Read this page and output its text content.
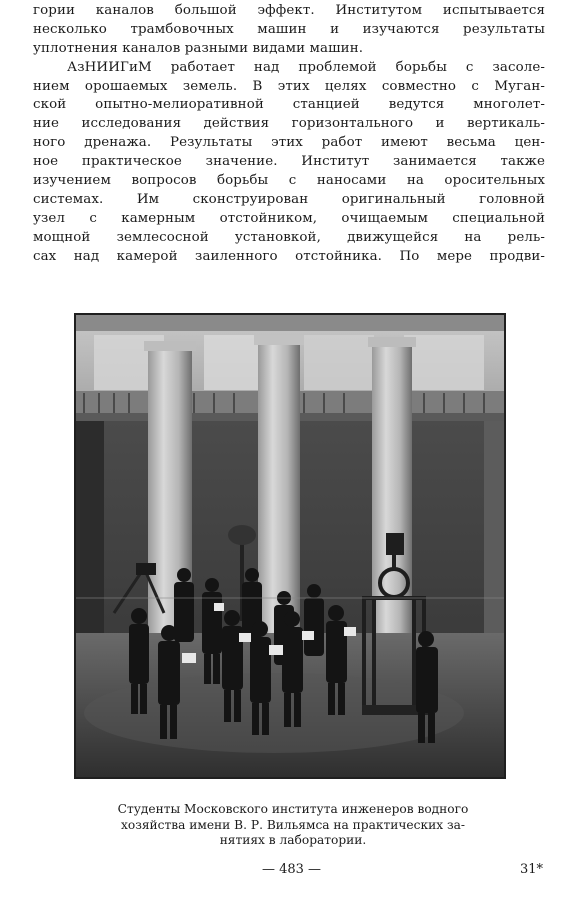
гории каналов большой эффект. Институтом испытывается
несколько трамбовочных машин и изучаются результаты
уплотнения каналов разными видами машин.
АзНИИГиМ работает над проблемой борьбы с засоле-
нием орошаемых земель. В этих целях совместно с Муган-
ской опытно-мелиоративной станцией ведутся многолет-
ние исследования действия горизонтального и вертикаль-
ного дренажа. Результаты этих работ имеют весьма цен-
ное практическое значение. Институт занимается также
изучением вопросов борьбы с наносами на оросительных
системах. Им сконструирован оригинальный головной
узел с камерным отстойником, очищаемым специальной
мощной землесосной установкой, движущейся на рель-
сах над камерой заиленного отстойника. По мере продви-
Студенты Московского института инженеров водного
хозяйства имени В. Р. Вильямса на практических за-
нятиях в лаборатории.
— 483 —	31*
